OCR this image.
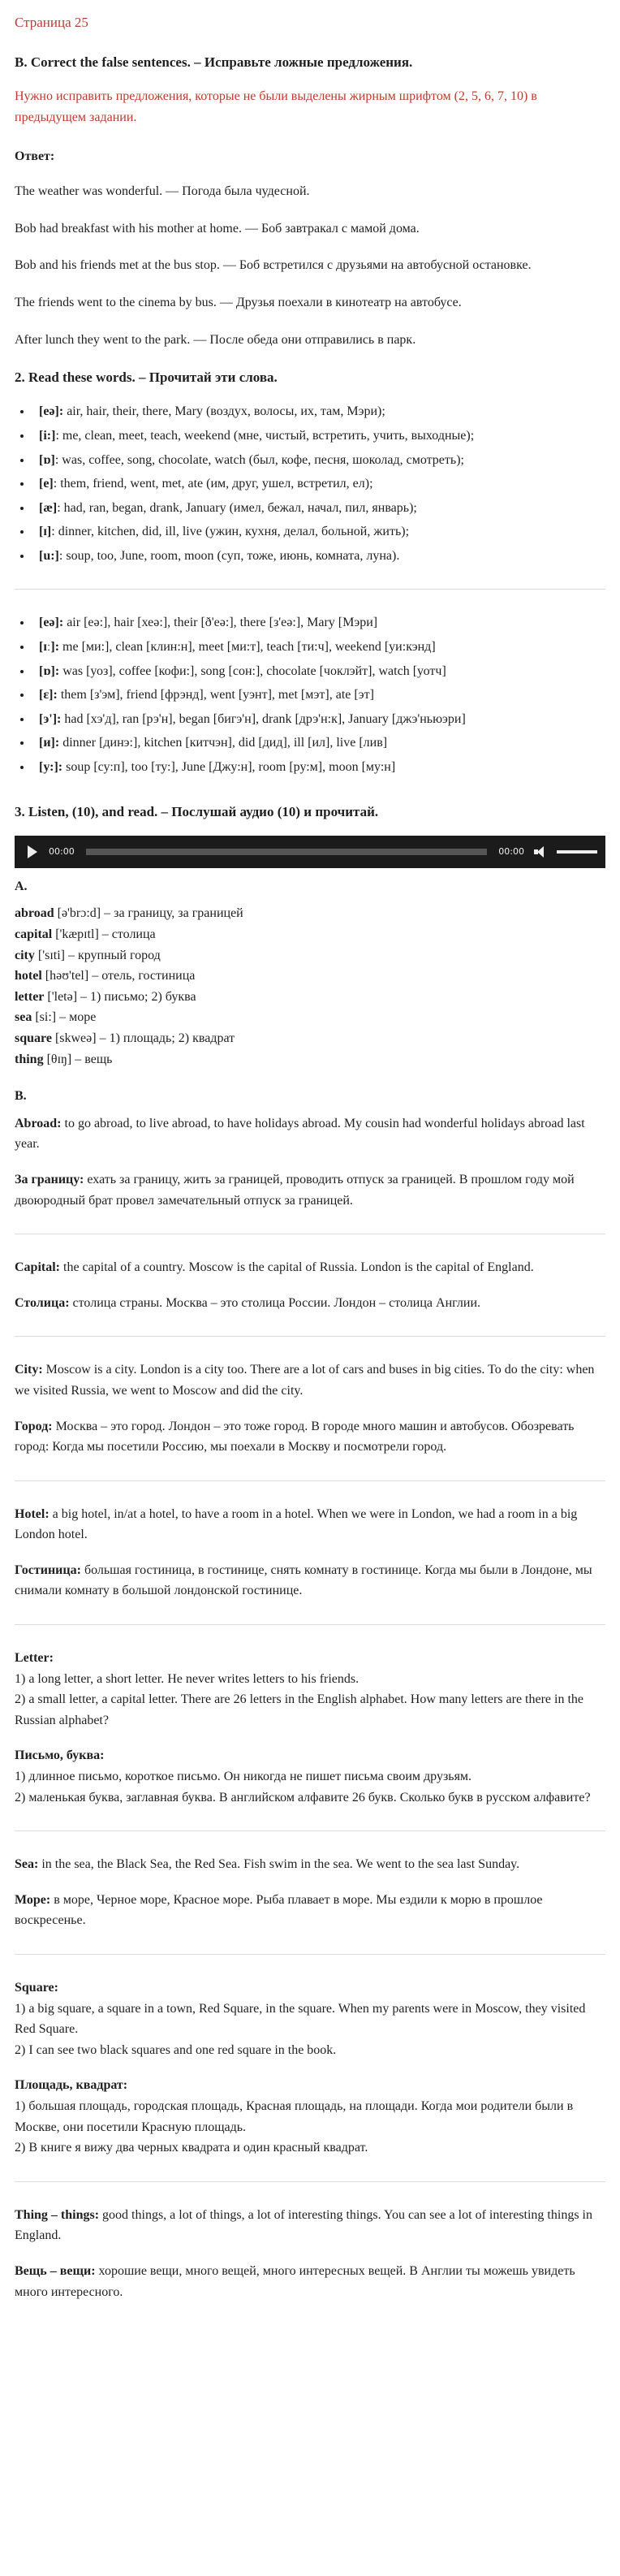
Страница 25
B. Correct the false sentences. – Исправьте ложные предложения.

Нужно исправить предложения, которые не были выделены жирным шрифтом (2, 5, 6, 7, 10) в предыдущем задании.

Ответ:

The weather was wonderful. — Погода была чудесной.

Bob had breakfast with his mother at home. — Боб завтракал с мамой дома.

Bob and his friends met at the bus stop. — Боб встретился с друзьями на автобусной остановке.

The friends went to the cinema by bus. — Друзья поехали в кинотеатр на автобусе.

After lunch they went to the park. — После обеда они отправились в парк.

2. Read these words. – Прочитай эти слова.
• [eə]: air, hair, their, there, Mary (воздух, волосы, их, там, Мэри);
• [i:]: me, clean, meet, teach, weekend (мне, чистый, встретить, учить, выходные);
• [ɒ]: was, coffee, song, chocolate, watch (был, кофе, песня, шоколад, смотреть);
• [e]: them, friend, went, met, ate (им, друг, ушел, встретил, ел);
• [æ]: had, ran, began, drank, January (имел, бежал, начал, пил, январь);
• [ɪ]: dinner, kitchen, did, ill, live (ужин, кухня, делал, больной, жить);
• [u:]: soup, too, June, room, moon (суп, тоже, июнь, комната, луна).
• [eə]: air [eə:], hair [хеə:], their [ð'eə:], there [з'eə:], Mary [Мэри]
• [ɪː]: me [ми:], clean [клин:н], meet [ми:т], teach [ти:ч], weekend [уи:кэнд]
• [ɒ]: was [уоз], coffee [кофи:], song [сон:], chocolate [чоклэйт], watch [уотч]
• [ɛ]: them [з'эм], friend [фрэнд], went [уэнт], met [мэт], ate [эт]
• [э']: had [хэ'д], ran [рэ'н], began [бигэ'н], drank [дрэ'н:к], January [джэ'ньюэри]
• [и]: dinner [динэ:], kitchen [китчэн], did [дид], ill [ил], live [лив]
• [у:]: soup [су:п], too [ту:], June [Джу:н], room [ру:м], moon [му:н]
3. Listen, (10), and read. – Послушай аудио (10) и прочитай.
00:00	00:00
A.
abroad [ə'brɔ:d] – за границу, за границей
capital ['kæpɪtl] – столица
city ['sɪti] – крупный город
hotel [həʊ'tel] – отель, гостиница
letter ['letə] – 1) письмо; 2) буква
sea [si:] – море
square [skweə] – 1) площадь; 2) квадрат
thing [θɪŋ] – вещь
B.

Abroad: to go abroad, to live abroad, to have holidays abroad. My cousin had wonderful holidays abroad last year.

За границу: ехать за границу, жить за границей, проводить отпуск за границей. В прошлом году мой двоюродный брат провел замечательный отпуск за границей.

Capital: the capital of a country. Moscow is the capital of Russia. London is the capital of England.

Столица: столица страны. Москва – это столица России. Лондон – столица Англии.

City: Moscow is a city. London is a city too. There are a lot of cars and buses in big cities. To do the city: when we visited Russia, we went to Moscow and did the city.

Город: Москва – это город. Лондон – это тоже город. В городе много машин и автобусов. Обозревать город: Когда мы посетили Россию, мы поехали в Москву и посмотрели город.

Hotel: a big hotel, in/at a hotel, to have a room in a hotel. When we were in London, we had a room in a big London hotel.

Гостиница: большая гостиница, в гостинице, снять комнату в гостинице. Когда мы были в Лондоне, мы снимали комнату в большой лондонской гостинице.

Letter:
1) a long letter, a short letter. He never writes letters to his friends.
2) a small letter, a capital letter. There are 26 letters in the English alphabet. How many letters are there in the Russian alphabet?

Письмо, буква:
1) длинное письмо, короткое письмо. Он никогда не пишет письма своим друзьям.
2) маленькая буква, заглавная буква. В английском алфавите 26 букв. Сколько букв в русском алфавите?

Sea: in the sea, the Black Sea, the Red Sea. Fish swim in the sea. We went to the sea last Sunday.

Море: в море, Черное море, Красное море. Рыба плавает в море. Мы ездили к морю в прошлое воскресенье.

Square:
1) a big square, a square in a town, Red Square, in the square. When my parents were in Moscow, they visited Red Square.
2) I can see two black squares and one red square in the book.

Площадь, квадрат:
1) большая площадь, городская площадь, Красная площадь, на площади. Когда мои родители были в Москве, они посетили Красную площадь.
2) В книге я вижу два черных квадрата и один красный квадрат.

Thing – things: good things, a lot of things, a lot of interesting things. You can see a lot of interesting things in England.

Вещь – вещи: хорошие вещи, много вещей, много интересных вещей. В Англии ты можешь увидеть много интересного.
